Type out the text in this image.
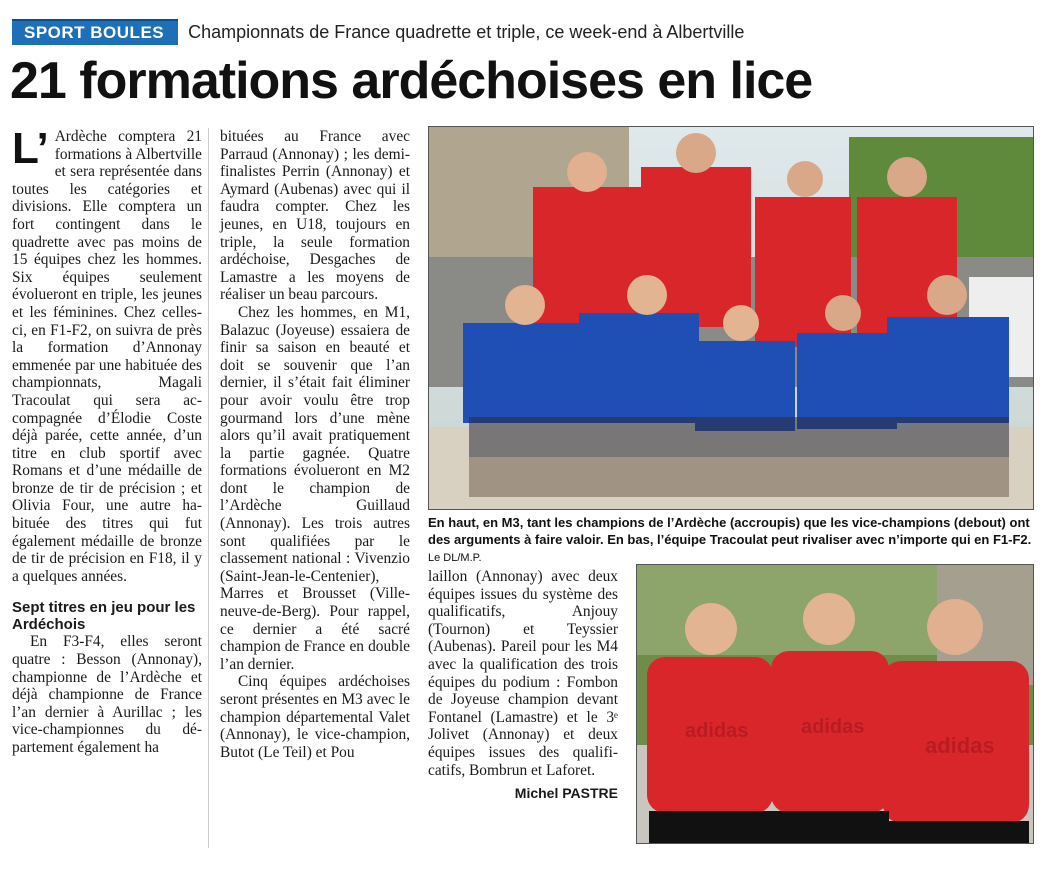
SPORT BOULES	Championnats de France quadrette et triple, ce week-end à Albertville
21 formations ardéchoises en lice

L’ Ardèche comptera 21 formations à Albertville et sera représentée dans toutes les catégories et divisions. Elle comptera un fort contingent dans le quadrette avec pas moins de 15 équipes chez les hommes. Six équipes seulement évolueront en triple, les jeunes et les féminines. Chez celles-ci, en F1-F2, on suivra de près la formation d’Annonay emmenée par une habituée des championnats, Magali Tracoulat qui sera accompagnée d’Élodie Coste déjà parée, cette année, d’un titre en club sportif avec Romans et d’une médaille de bronze de tir de précision ; et Olivia Four, une autre habituée des titres qui fut également médaille de bronze de tir de précision en F18, il y a quelques années.

Sept titres en jeu pour les Ardéchois

En F3-F4, elles seront quatre : Besson (Annonay), championne de l’Ardèche et déjà championne de France l’an dernier à Aurillac ; les vice-championnes du département également ha

bituées au France avec Parraud (Annonay) ; les demi-finalistes Perrin (Annonay) et Aymard (Aubenas) avec qui il faudra compter. Chez les jeunes, en U18, toujours en triple, la seule formation ardéchoise, Desgaches de Lamastre a les moyens de réaliser un beau parcours.

Chez les hommes, en M1, Balazuc (Joyeuse) essaiera de finir sa saison en beauté et doit se souvenir que l’an dernier, il s’était fait éliminer pour avoir voulu être trop gourmand lors d’une mène alors qu’il avait pratiquement la partie gagnée. Quatre formations évolueront en M2 dont le champion de l’Ardèche Guillaud (Annonay). Les trois autres sont qualifiées par le classement national : Vivenzio (Saint-Jean-le-Centenier), Marres et Brousset (Villeneuve-de-Berg). Pour rappel, ce dernier a été sacré champion de France en double l’an dernier.

Cinq équipes ardéchoises seront présentes en M3 avec le champion départemental Valet (Annonay), le vice-champion, Butot (Le Teil) et Pou

En haut, en M3, tant les champions de l’Ardèche (accroupis) que les vice-champions (debout) ont des arguments à faire valoir. En bas, l’équipe Tracoulat peut rivaliser avec n’importe qui en F1-F2. Le DL/M.P.

laillon (Annonay) avec deux équipes issues du système des qualificatifs, Anjouy (Tournon) et Teyssier (Aubenas). Pareil pour les M4 avec la qualification des trois équipes du podium : Fombon de Joyeuse champion devant Fontanel (Lamastre) et le 3ᵉ Jolivet (Annonay) et deux équipes issues des qualificatifs, Bombrun et Laforet.

Michel PASTRE

adidas	adidas
adidas
